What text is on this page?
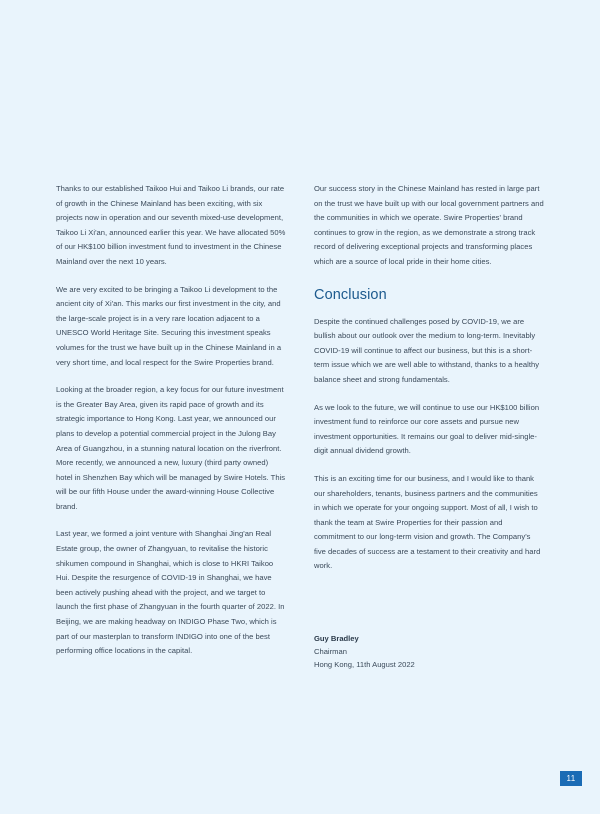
Thanks to our established Taikoo Hui and Taikoo Li brands, our rate of growth in the Chinese Mainland has been exciting, with six projects now in operation and our seventh mixed-use development, Taikoo Li Xi'an, announced earlier this year. We have allocated 50% of our HK$100 billion investment fund to investment in the Chinese Mainland over the next 10 years.

We are very excited to be bringing a Taikoo Li development to the ancient city of Xi'an. This marks our first investment in the city, and the large-scale project is in a very rare location adjacent to a UNESCO World Heritage Site. Securing this investment speaks volumes for the trust we have built up in the Chinese Mainland in a very short time, and local respect for the Swire Properties brand.

Looking at the broader region, a key focus for our future investment is the Greater Bay Area, given its rapid pace of growth and its strategic importance to Hong Kong. Last year, we announced our plans to develop a potential commercial project in the Julong Bay Area of Guangzhou, in a stunning natural location on the riverfront. More recently, we announced a new, luxury (third party owned) hotel in Shenzhen Bay which will be managed by Swire Hotels. This will be our fifth House under the award-winning House Collective brand.

Last year, we formed a joint venture with Shanghai Jing'an Real Estate group, the owner of Zhangyuan, to revitalise the historic shikumen compound in Shanghai, which is close to HKRI Taikoo Hui. Despite the resurgence of COVID-19 in Shanghai, we have been actively pushing ahead with the project, and we target to launch the first phase of Zhangyuan in the fourth quarter of 2022. In Beijing, we are making headway on INDIGO Phase Two, which is part of our masterplan to transform INDIGO into one of the best performing office locations in the capital.

Our success story in the Chinese Mainland has rested in large part on the trust we have built up with our local government partners and the communities in which we operate. Swire Properties' brand continues to grow in the region, as we demonstrate a strong track record of delivering exceptional projects and transforming places which are a source of local pride in their home cities.

Conclusion

Despite the continued challenges posed by COVID-19, we are bullish about our outlook over the medium to long-term. Inevitably COVID-19 will continue to affect our business, but this is a short-term issue which we are well able to withstand, thanks to a healthy balance sheet and strong fundamentals.

As we look to the future, we will continue to use our HK$100 billion investment fund to reinforce our core assets and pursue new investment opportunities. It remains our goal to deliver mid-single-digit annual dividend growth.

This is an exciting time for our business, and I would like to thank our shareholders, tenants, business partners and the communities in which we operate for your ongoing support. Most of all, I wish to thank the team at Swire Properties for their passion and commitment to our long-term vision and growth. The Company's five decades of success are a testament to their creativity and hard work.

Guy Bradley

Chairman

Hong Kong, 11th August 2022

11
